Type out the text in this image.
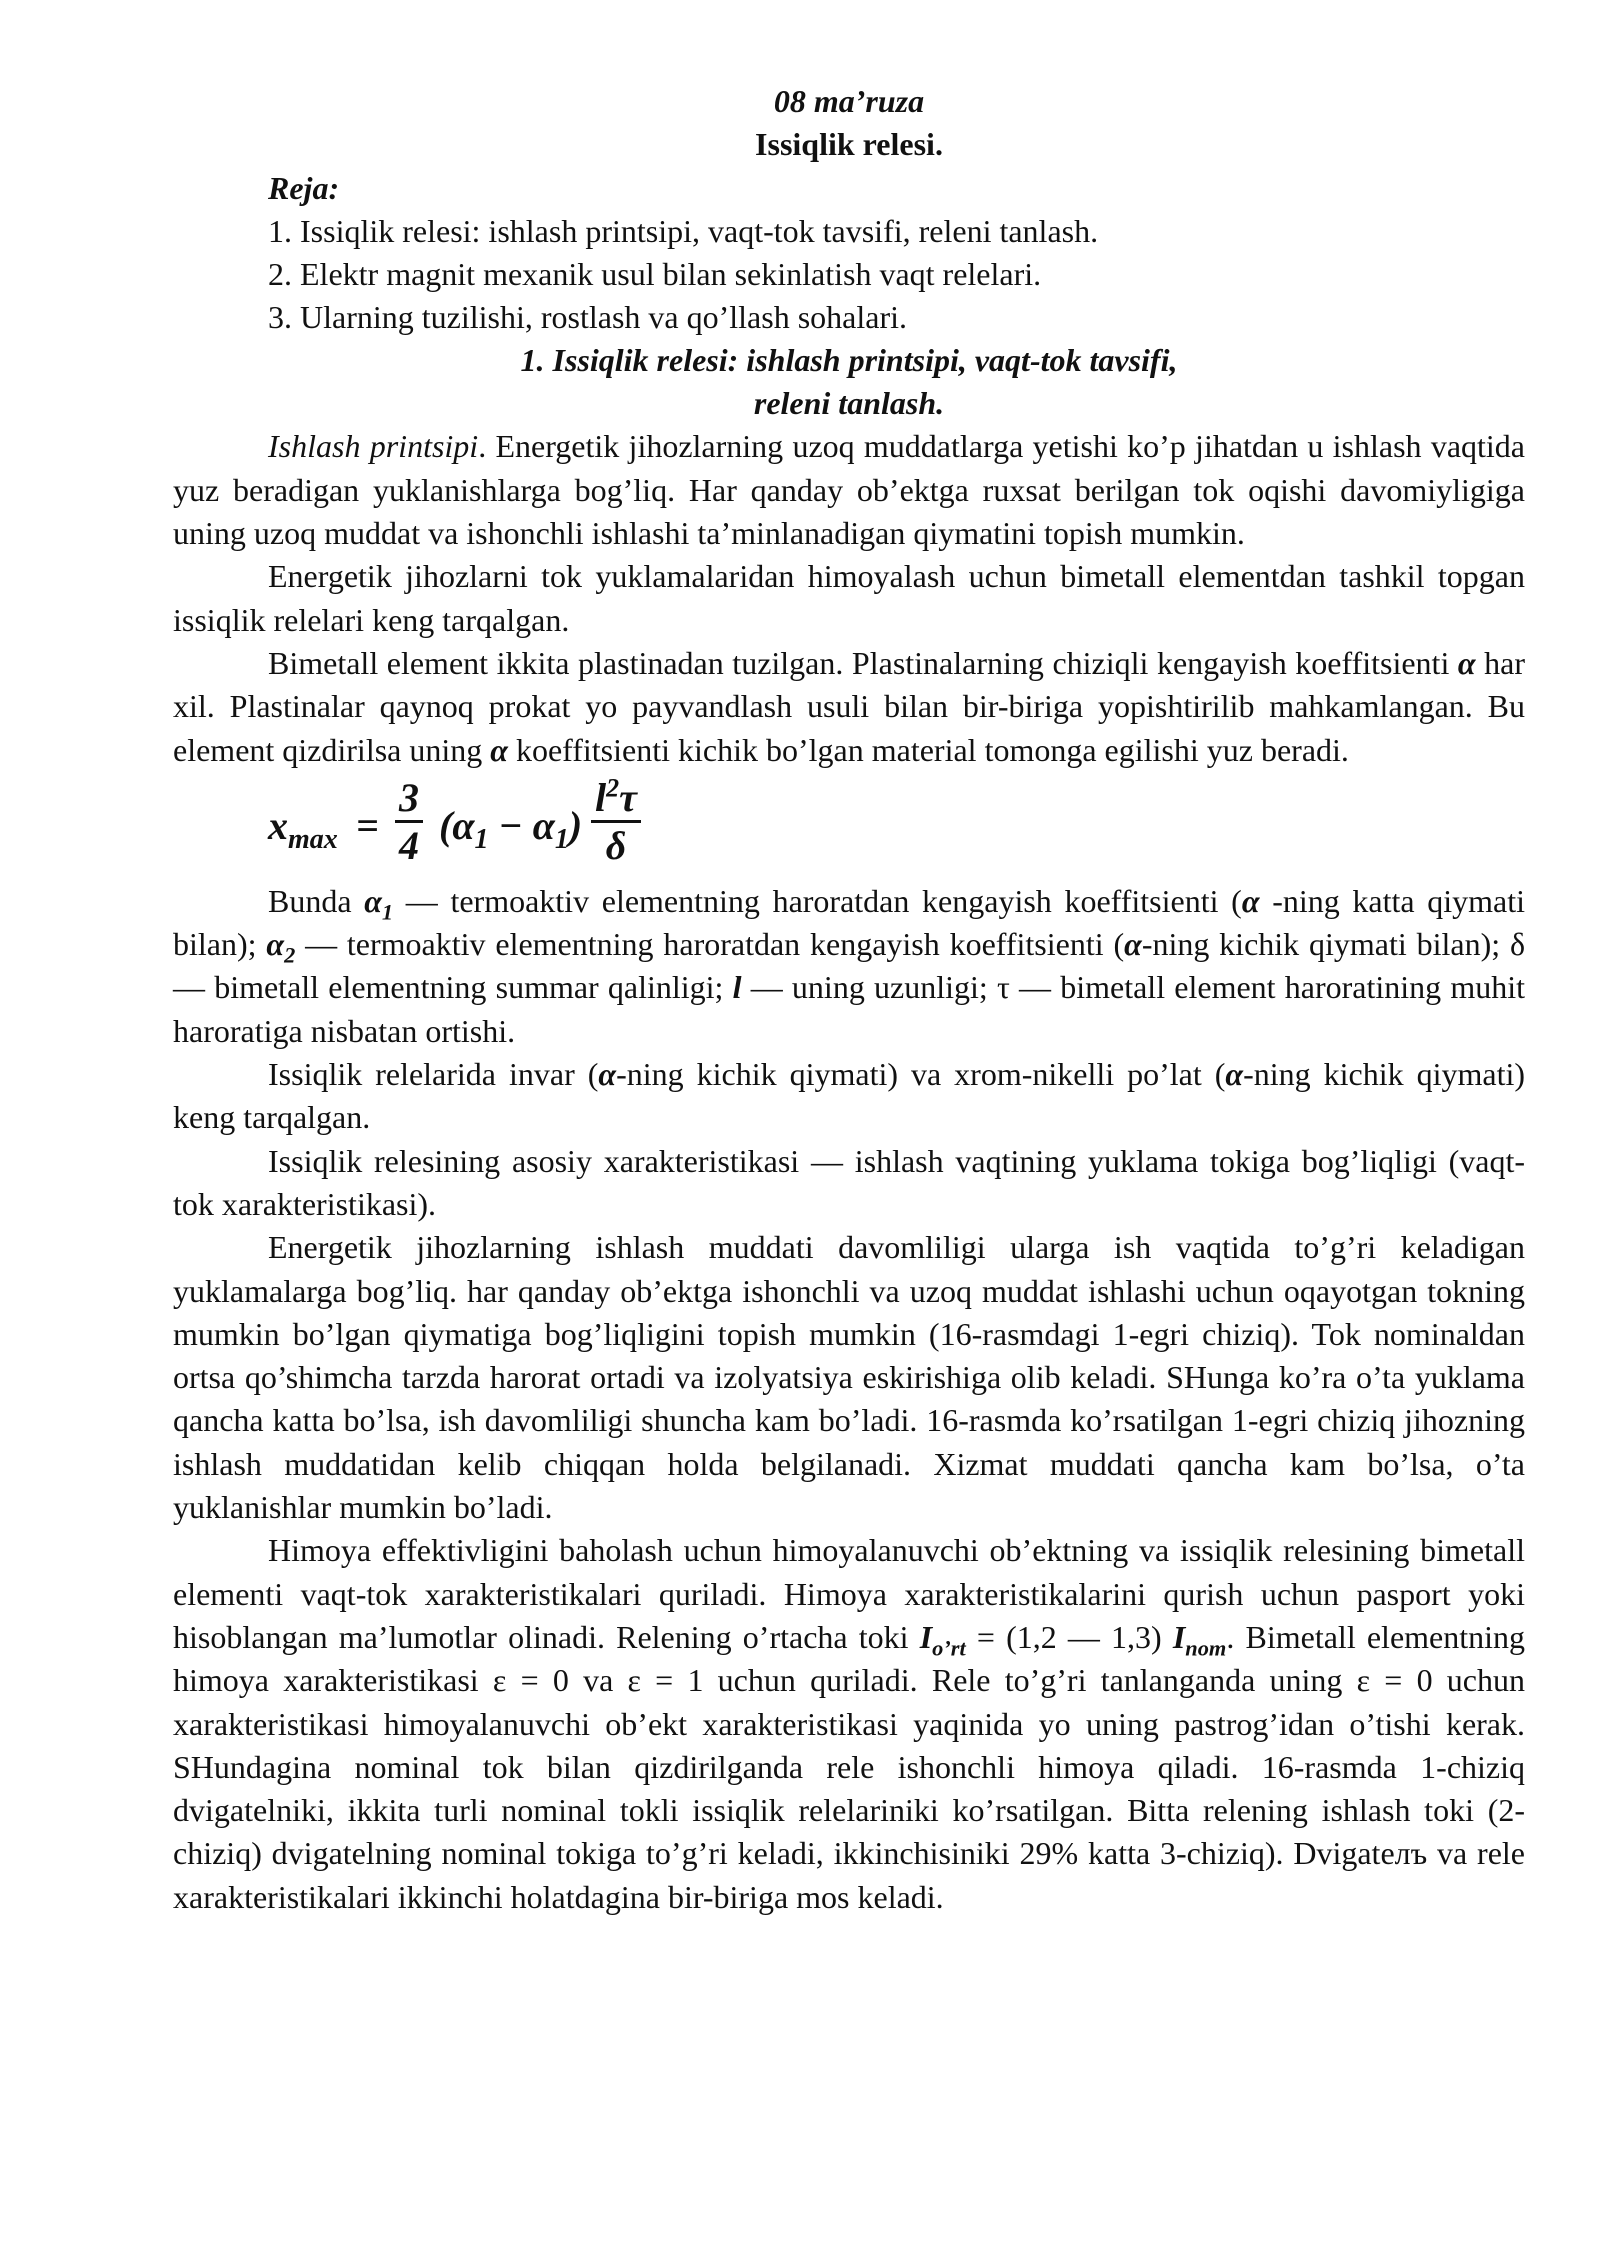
08 ma’ruza

Issiqlik relesi.

Reja:

1. Issiqlik relesi: ishlash printsipi, vaqt-tok tavsifi, releni tanlash.
2. Elektr magnit mexanik usul bilan sekinlatish vaqt relelari.
3. Ularning tuzilishi, rostlash va qo’llash sohalari.

1. Issiqlik relesi: ishlash printsipi, vaqt-tok tavsifi,

releni tanlash.

Ishlash printsipi. Energetik jihozlarning uzoq muddatlarga yetishi ko’p jihatdan u ishlash vaqtida yuz beradigan yuklanishlarga bog’liq. Har qanday ob’ektga ruxsat berilgan tok oqishi davomiyligiga uning uzoq muddat va ishonchli ishlashi ta’minlanadigan qiymatini topish mumkin.

Energetik jihozlarni tok yuklamalaridan himoyalash uchun bimetall elementdan tashkil topgan issiqlik relelari keng tarqalgan.

Bimetall element ikkita plastinadan tuzilgan. Plastinalarning chiziqli kengayish koeffitsienti α har xil. Plastinalar qaynoq prokat yo payvandlash usuli bilan bir-biriga yopishtirilib mahkamlangan. Bu element qizdirilsa uning α koeffitsienti kichik bo’lgan material tomonga egilishi yuz beradi.

$x_{max} = \frac{3}{4} (\alpha_1 - \alpha_1) \frac{l^2\tau}{\delta}$

Bunda $\alpha_1$ — termoaktiv elementning haroratdan kengayish koeffitsienti (α -ning katta qiymati bilan); $\alpha_2$ — termoaktiv elementning haroratdan kengayish koeffitsienti (α-ning kichik qiymati bilan); δ — bimetall elementning summar qalinligi; l — uning uzunligi; τ — bimetall element haroratining muhit haroratiga nisbatan ortishi.

Issiqlik relelarida invar (α-ning kichik qiymati) va xrom-nikelli po’lat (α-ning kichik qiymati) keng tarqalgan.

Issiqlik relesining asosiy xarakteristikasi — ishlash vaqtining yuklama tokiga bog’liqligi (vaqt-tok xarakteristikasi).

Energetik jihozlarning ishlash muddati davomliligi ularga ish vaqtida to’g’ri keladigan yuklamalarga bog’liq. har qanday ob’ektga ishonchli va uzoq muddat ishlashi uchun oqayotgan tokning mumkin bo’lgan qiymatiga bog’liqligini topish mumkin (16-rasmdagi 1-egri chiziq). Tok nominaldan ortsa qo’shimcha tarzda harorat ortadi va izolyatsiya eskirishiga olib keladi. SHunga ko’ra o’ta yuklama qancha katta bo’lsa, ish davomliligi shuncha kam bo’ladi. 16-rasmda ko’rsatilgan 1-egri chiziq jihozning ishlash muddatidan kelib chiqqan holda belgilanadi. Xizmat muddati qancha kam bo’lsa, o’ta yuklanishlar mumkin bo’ladi.

Himoya effektivligini baholash uchun himoyalanuvchi ob’ektning va issiqlik relesining bimetall elementi vaqt-tok xarakteristikalari quriladi. Himoya xarakteristikalarini qurish uchun pasport yoki hisoblangan ma’lumotlar olinadi. Relening o’rtacha toki $I_{o’rt} = (1,2$ — 1,3) $I_{nom}$. Bimetall elementning himoya xarakteristikasi ε = 0 va ε = 1 uchun quriladi. Rele to’g’ri tanlanganda uning ε = 0 uchun xarakteristikasi himoyalanuvchi ob’ekt xarakteristikasi yaqinida yo uning pastrog’idan o’tishi kerak. SHundagina nominal tok bilan qizdirilganda rele ishonchli himoya qiladi. 16-rasmda 1-chiziq dvigatelniki, ikkita turli nominal tokli issiqlik relelariniki ko’rsatilgan. Bitta relening ishlash toki (2-chiziq) dvigatelning nominal tokiga to’g’ri keladi, ikkinchisiniki 29% katta 3-chiziq). Dvigateлъ va rele xarakteristikalari ikkinchi holatdagina bir-biriga mos keladi.
